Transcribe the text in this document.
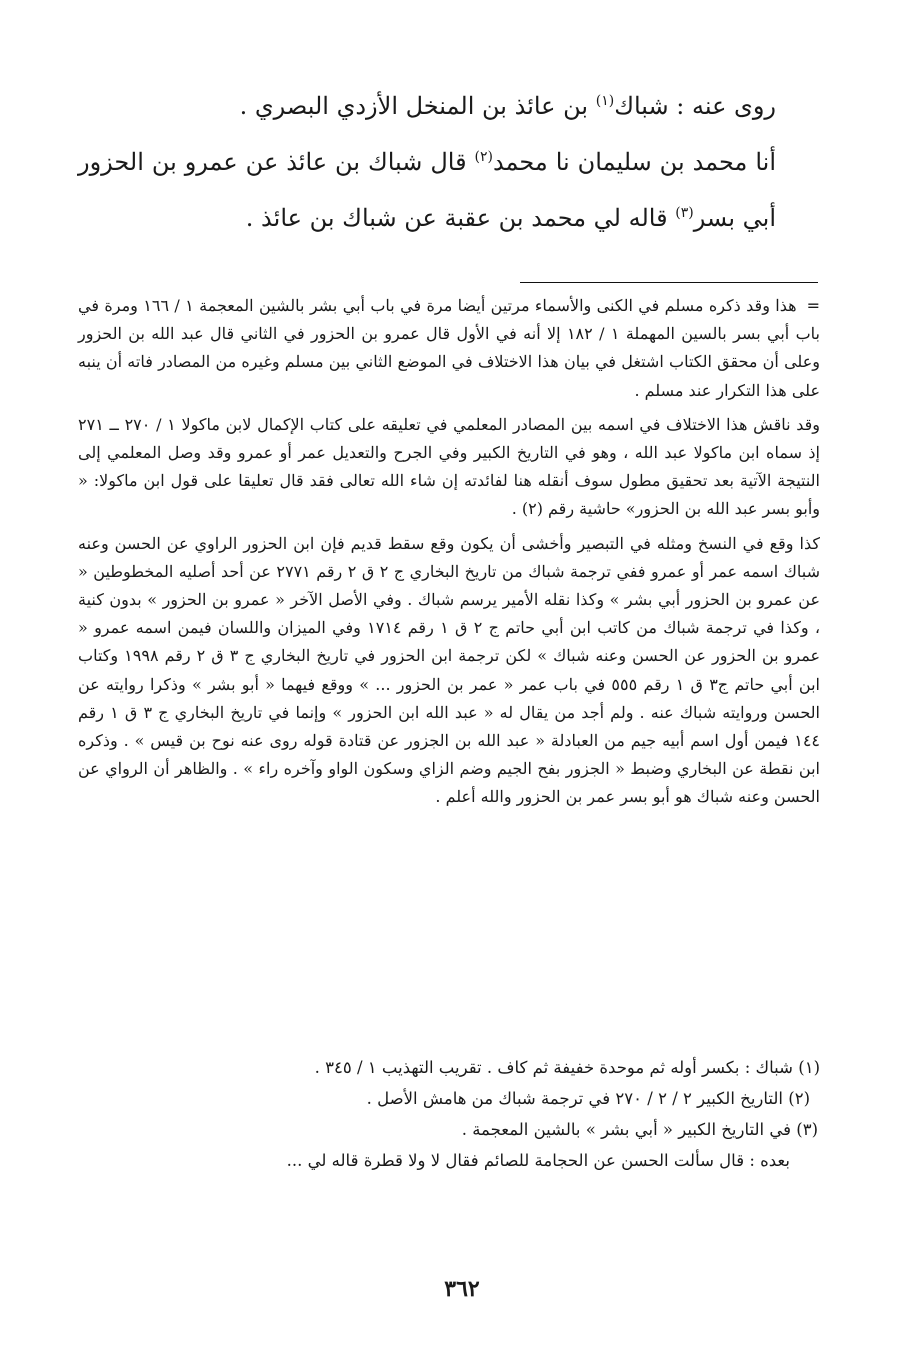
روى عنه : شباك$^{(١)}$ بن عائذ بن المنخل الأزدي البصري .

أنا محمد بن سليمان نا محمد$^{(٢)}$ قال شباك بن عائذ عن عمرو بن الحزور أبي بسر$^{(٣)}$ قاله لي محمد بن عقبة عن شباك بن عائذ .

=هذا وقد ذكره مسلم في الكنى والأسماء مرتين أيضا مرة في باب أبي بشر بالشين المعجمة ١ / ١٦٦ ومرة في باب أبي بسر بالسين المهملة ١ / ١٨٢ إلا أنه في الأول قال عمرو بن الحزور في الثاني قال عبد الله بن الحزور وعلى أن محقق الكتاب اشتغل في بيان هذا الاختلاف في الموضع الثاني بين مسلم وغيره من المصادر فاته أن ينبه على هذا التكرار عند مسلم .

وقد ناقش هذا الاختلاف في اسمه بين المصادر المعلمي في تعليقه على كتاب الإكمال لابن ماكولا ١ / ٢٧٠ ــ ٢٧١ إذ سماه ابن ماكولا عبد الله ، وهو في التاريخ الكبير وفي الجرح والتعديل عمر أو عمرو وقد وصل المعلمي إلى النتيجة الآتية بعد تحقيق مطول سوف أنقله هنا لفائدته إن شاء الله تعالى فقد قال تعليقا على قول ابن ماكولا: « وأبو بسر عبد الله بن الحزور» حاشية رقم (٢) .

كذا وقع في النسخ ومثله في التبصير وأخشى أن يكون وقع سقط قديم فإن ابن الحزور الراوي عن الحسن وعنه شباك اسمه عمر أو عمرو ففي ترجمة شباك من تاريخ البخاري ج ٢ ق ٢ رقم ٢٧٧١ عن أحد أصليه المخطوطين « عن عمرو بن الحزور أبي بشر » وكذا نقله الأمير يرسم شباك . وفي الأصل الآخر « عمرو بن الحزور » بدون كنية ، وكذا في ترجمة شباك من كاتب ابن أبي حاتم ج ٢ ق ١ رقم ١٧١٤ وفي الميزان واللسان فيمن اسمه عمرو « عمرو بن الحزور عن الحسن وعنه شباك » لكن ترجمة ابن الحزور في تاريخ البخاري ج ٣ ق ٢ رقم ١٩٩٨ وكتاب ابن أبي حاتم ج٣ ق ١ رقم ٥٥٥ في باب عمر « عمر بن الحزور ... » ووقع فيهما « أبو بشر » وذكرا روايته عن الحسن وروايته شباك عنه . ولم أجد من يقال له « عبد الله ابن الحزور » وإنما في تاريخ البخاري ج ٣ ق ١ رقم ١٤٤ فيمن أول اسم أبيه جيم من العبادلة « عبد الله بن الجزور عن قتادة قوله روى عنه نوح بن قيس » . وذكره ابن نقطة عن البخاري وضبط « الجزور بفح الجيم وضم الزاي وسكون الواو وآخره راء » . والظاهر أن الرواي عن الحسن وعنه شباك هو أبو بسر عمر بن الحزور والله أعلم .

(١) شباك : بكسر أوله ثم موحدة خفيفة ثم كاف . تقريب التهذيب ١ / ٣٤٥ .

(٢) التاريخ الكبير ٢ / ٢ / ٢٧٠ في ترجمة شباك من هامش الأصل .

(٣) في التاريخ الكبير « أبي بشر » بالشين المعجمة .

بعده : قال سألت الحسن عن الحجامة للصائم فقال لا ولا قطرة قاله لي ...

٣٦٢
